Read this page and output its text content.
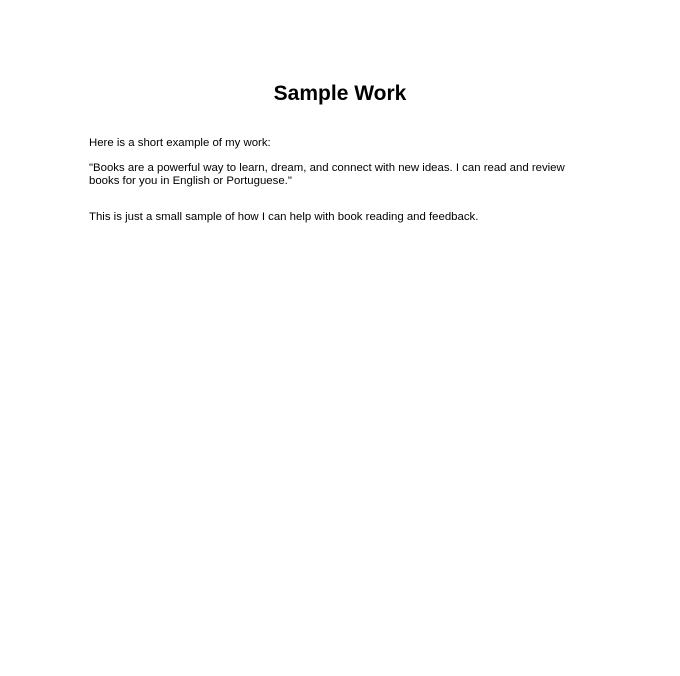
Sample Work

Here is a short example of my work:

"Books are a powerful way to learn, dream, and connect with new ideas. I can read and review books for you in English or Portuguese."

This is just a small sample of how I can help with book reading and feedback.
